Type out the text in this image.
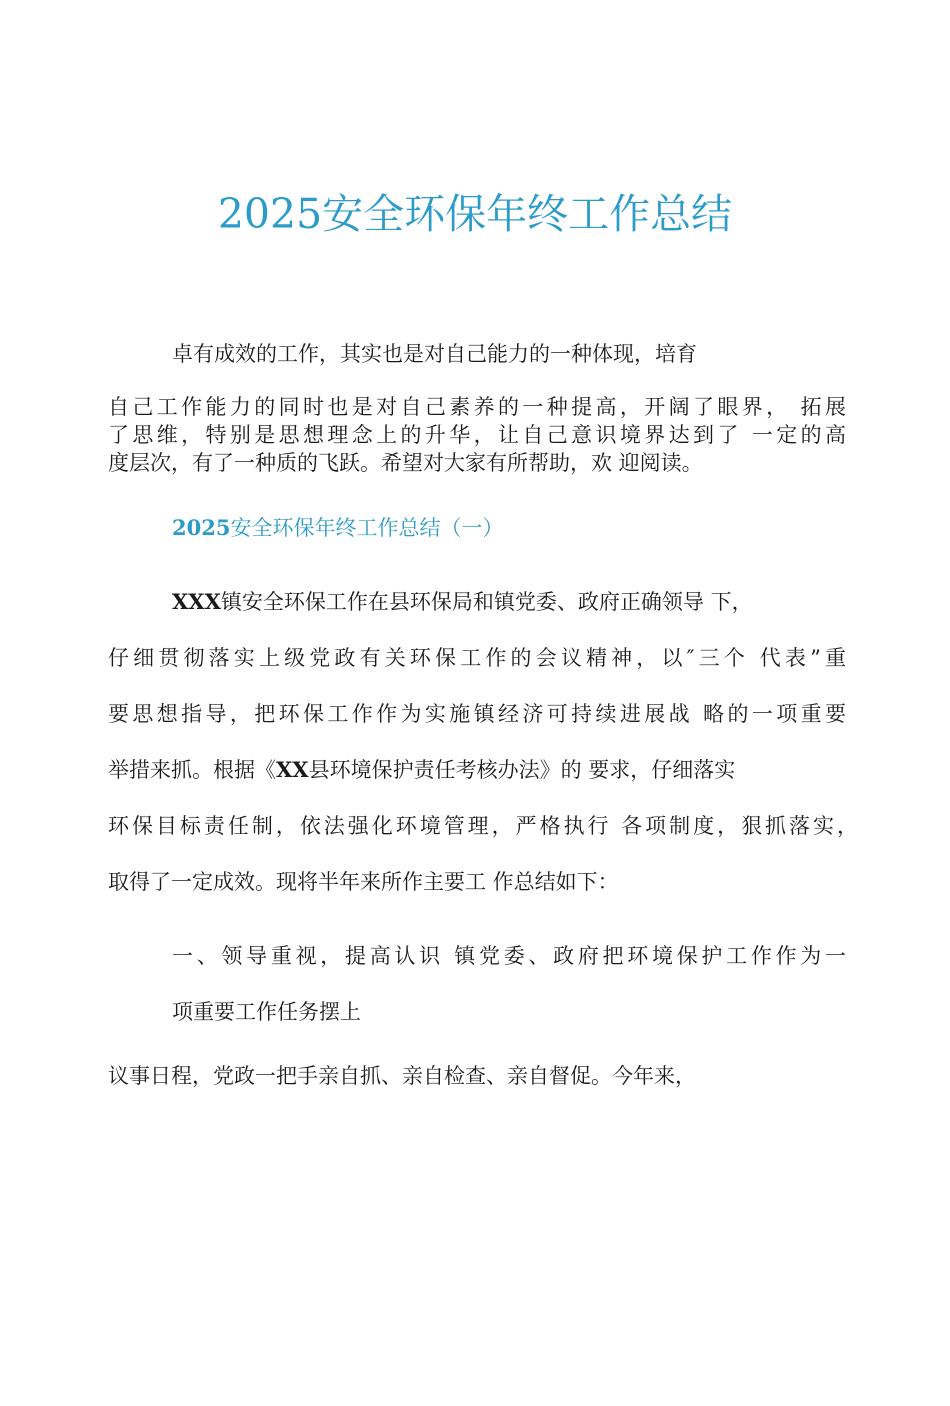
2025安全环保年终工作总结
卓有成效的工作，其实也是对自己能力的一种体现，培育
自己工作能力的同时也是对自己素养的一种提高，开阔了眼界， 拓展
了思维，特别是思想理念上的升华，让自己意识境界达到了 一定的高
度层次，有了一种质的飞跃。希望对大家有所帮助，欢 迎阅读。
2025安全环保年终工作总结（一）
XXX镇安全环保工作在县环保局和镇党委、政府正确领导 下，
仔细贯彻落实上级党政有关环保工作的会议精神，以″三个 代表”重
要思想指导，把环保工作作为实施镇经济可持续进展战 略的一项重要
举措来抓。根据《XX县环境保护责任考核办法》的 要求，仔细落实
环保目标责任制，依法强化环境管理，严格执行 各项制度，狠抓落实，
取得了一定成效。现将半年来所作主要工 作总结如下：
一、领导重视，提高认识 镇党委、政府把环境保护工作作为一
项重要工作任务摆上
议事日程，党政一把手亲自抓、亲自检查、亲自督促。今年来，
